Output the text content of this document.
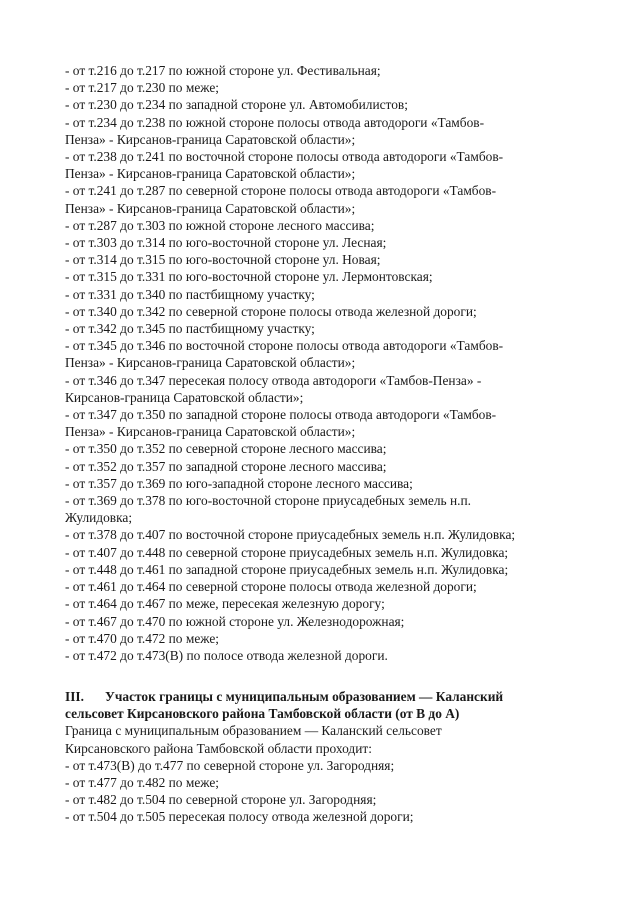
- от т.216 до т.217 по южной стороне ул. Фестивальная;

- от т.217 до т.230 по меже;

- от т.230 до т.234 по западной стороне ул. Автомобилистов;

- от т.234 до т.238 по южной стороне полосы отвода автодороги «Тамбов-

Пенза» - Кирсанов-граница Саратовской области»;

- от т.238 до т.241 по восточной стороне полосы отвода автодороги «Тамбов-

Пенза» - Кирсанов-граница Саратовской области»;

- от т.241 до т.287 по северной стороне полосы отвода автодороги «Тамбов-

Пенза» - Кирсанов-граница Саратовской области»;

- от т.287 до т.303 по южной стороне лесного массива;

- от т.303 до т.314 по юго-восточной стороне ул. Лесная;

- от т.314 до т.315 по юго-восточной стороне ул. Новая;

- от т.315 до т.331 по юго-восточной стороне ул. Лермонтовская;

- от т.331 до т.340 по пастбищному участку;

- от т.340 до т.342 по северной стороне полосы отвода железной дороги;

- от т.342 до т.345 по пастбищному участку;

- от т.345 до т.346 по восточной стороне полосы отвода автодороги «Тамбов-

Пенза» - Кирсанов-граница Саратовской области»;

- от т.346 до т.347 пересекая полосу отвода автодороги «Тамбов-Пенза» -

Кирсанов-граница Саратовской области»;

- от т.347 до т.350 по западной стороне полосы отвода автодороги «Тамбов-

Пенза» - Кирсанов-граница Саратовской области»;

- от т.350 до т.352 по северной стороне лесного массива;

- от т.352 до т.357 по западной стороне лесного массива;

- от т.357 до т.369 по юго-западной стороне лесного массива;

- от т.369 до т.378 по юго-восточной стороне приусадебных земель н.п.

Жулидовка;

- от т.378 до т.407 по восточной стороне приусадебных земель н.п. Жулидовка;

- от т.407 до т.448 по северной стороне приусадебных земель н.п. Жулидовка;

- от т.448 до т.461 по западной стороне приусадебных земель н.п. Жулидовка;

- от т.461 до т.464 по северной стороне полосы отвода железной дороги;

- от т.464 до т.467 по меже, пересекая железную дорогу;

- от т.467 до т.470 по южной стороне ул. Железнодорожная;

- от т.470 до т.472 по меже;

- от т.472 до т.473(В) по полосе отвода железной дороги.

III. Участок границы с муниципальным образованием — Каланский

сельсовет Кирсановского района Тамбовской области (от В до А)

Граница с муниципальным образованием — Каланский сельсовет

Кирсановского района Тамбовской области проходит:

- от т.473(В) до т.477 по северной стороне ул. Загородняя;

- от т.477 до т.482 по меже;

- от т.482 до т.504 по северной стороне ул. Загородняя;

- от т.504 до т.505 пересекая полосу отвода железной дороги;
